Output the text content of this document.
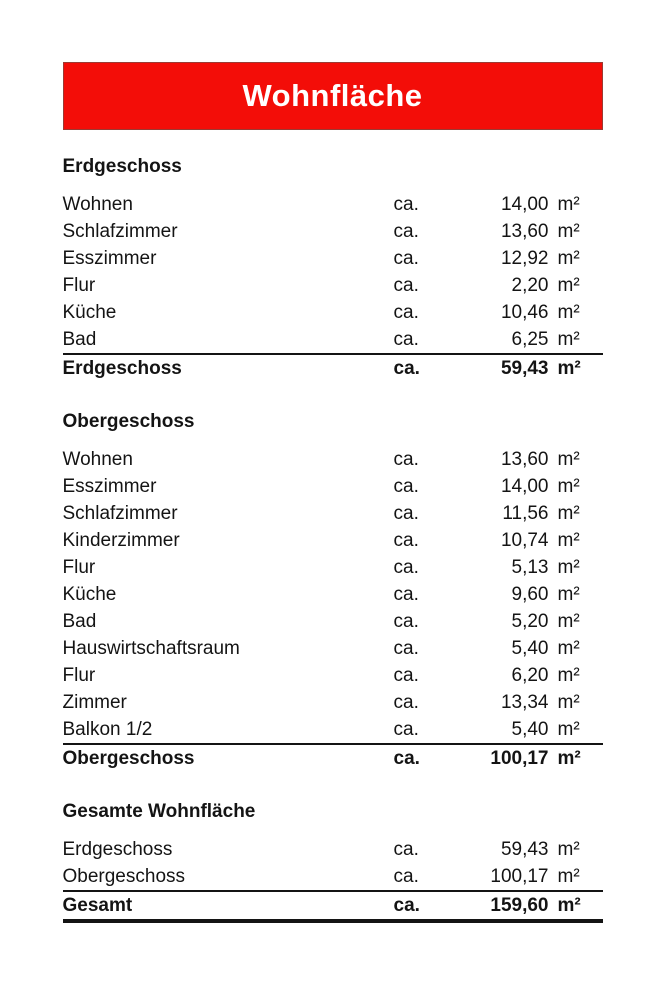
Wohnfläche
Erdgeschoss
Wohnen	ca.	14,00 m²
Schlafzimmer	ca.	13,60 m²
Esszimmer	ca.	12,92 m²
Flur	ca.	2,20 m²
Küche	ca.	10,46 m²
Bad	ca.	6,25 m²
Erdgeschoss	ca.	59,43 m²
Obergeschoss
Wohnen	ca.	13,60 m²
Esszimmer	ca.	14,00 m²
Schlafzimmer	ca.	11,56 m²
Kinderzimmer	ca.	10,74 m²
Flur	ca.	5,13 m²
Küche	ca.	9,60 m²
Bad	ca.	5,20 m²
Hauswirtschaftsraum	ca.	5,40 m²
Flur	ca.	6,20 m²
Zimmer	ca.	13,34 m²
Balkon 1/2	ca.	5,40 m²
Obergeschoss	ca.	100,17 m²
Gesamte Wohnfläche
Erdgeschoss	ca.	59,43 m²
Obergeschoss	ca.	100,17 m²
Gesamt	ca.	159,60 m²
